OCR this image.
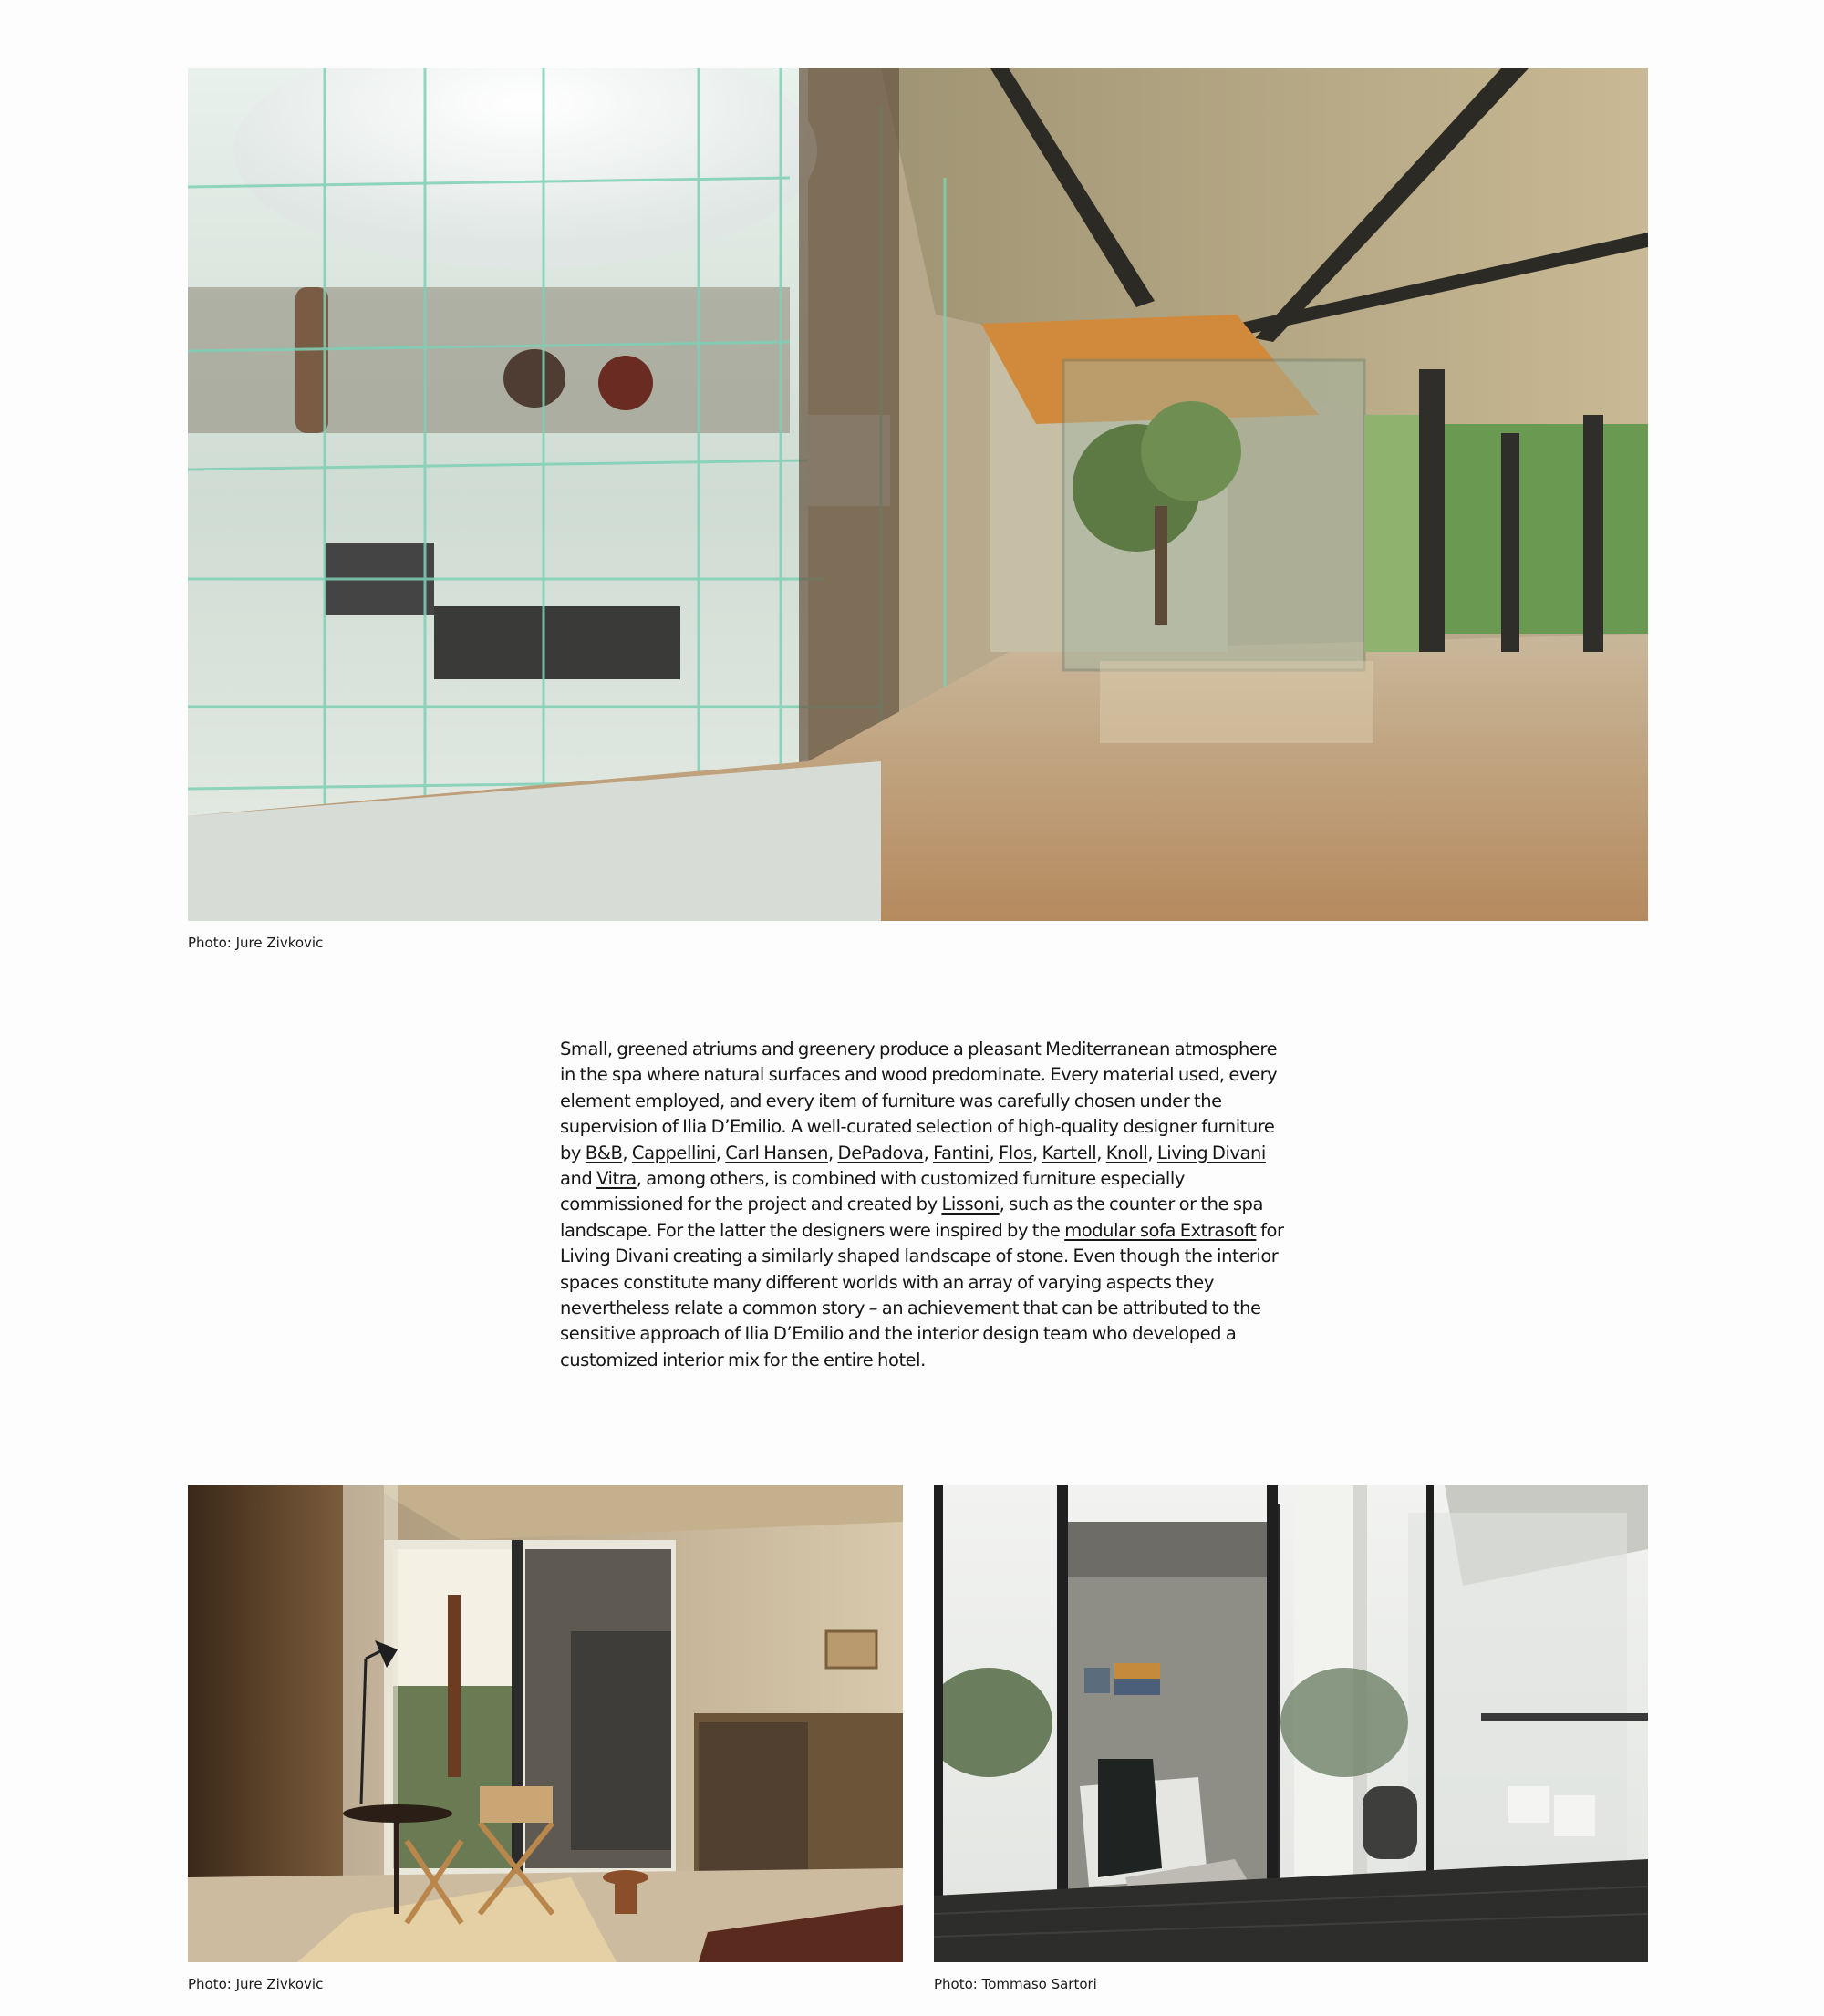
Photo: Jure Zivkovic
Small, greened atriums and greenery produce a pleasant Mediterranean atmosphere in the spa where natural surfaces and wood predominate. Every material used, every element employed, and every item of furniture was carefully chosen under the supervision of Ilia D’Emilio. A well-curated selection of high-quality designer furniture by B&B, Cappellini, Carl Hansen, DePadova, Fantini, Flos, Kartell, Knoll, Living Divani and Vitra, among others, is combined with customized furniture especially commissioned for the project and created by Lissoni, such as the counter or the spa landscape. For the latter the designers were inspired by the modular sofa Extrasoft for Living Divani creating a similarly shaped landscape of stone. Even though the interior spaces constitute many different worlds with an array of varying aspects they nevertheless relate a common story – an achievement that can be attributed to the sensitive approach of Ilia D’Emilio and the interior design team who developed a customized interior mix for the entire hotel.
Photo: Jure Zivkovic	Photo: Tommaso Sartori
